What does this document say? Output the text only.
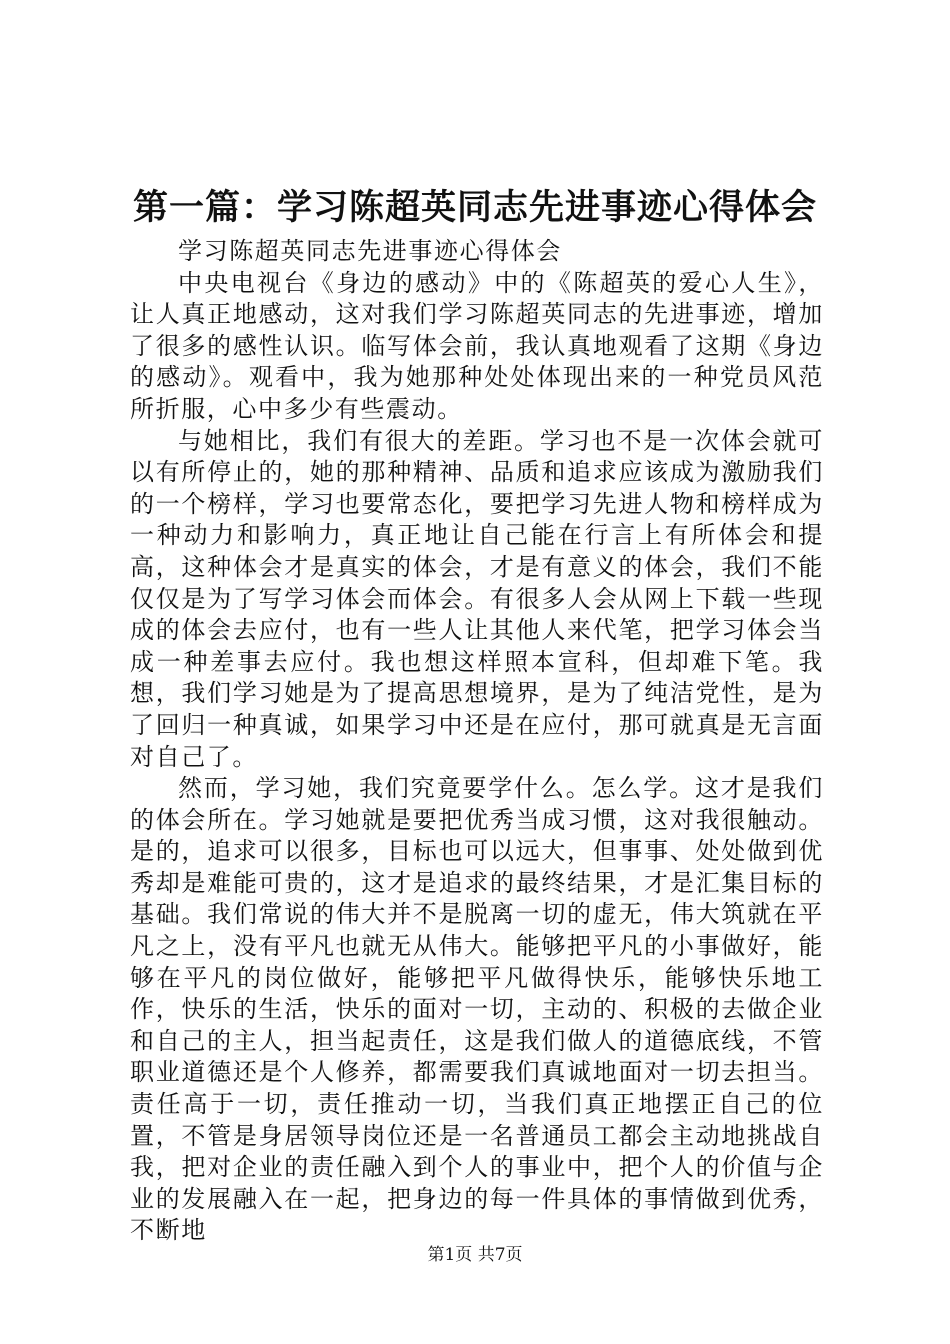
第一篇：学习陈超英同志先进事迹心得体会

学习陈超英同志先进事迹心得体会

中央电视台《身边的感动》中的《陈超英的爱心人生》，让人真正地感动，这对我们学习陈超英同志的先进事迹，增加了很多的感性认识。临写体会前，我认真地观看了这期《身边的感动》。观看中，我为她那种处处体现出来的一种党员风范所折服，心中多少有些震动。

与她相比，我们有很大的差距。学习也不是一次体会就可以有所停止的，她的那种精神、品质和追求应该成为激励我们的一个榜样，学习也要常态化，要把学习先进人物和榜样成为一种动力和影响力，真正地让自己能在行言上有所体会和提高，这种体会才是真实的体会，才是有意义的体会，我们不能仅仅是为了写学习体会而体会。有很多人会从网上下载一些现成的体会去应付，也有一些人让其他人来代笔，把学习体会当成一种差事去应付。我也想这样照本宣科，但却难下笔。我想，我们学习她是为了提高思想境界，是为了纯洁党性，是为了回归一种真诚，如果学习中还是在应付，那可就真是无言面对自己了。

然而，学习她，我们究竟要学什么。怎么学。这才是我们的体会所在。学习她就是要把优秀当成习惯，这对我很触动。是的，追求可以很多，目标也可以远大，但事事、处处做到优秀却是难能可贵的，这才是追求的最终结果，才是汇集目标的基础。我们常说的伟大并不是脱离一切的虚无，伟大筑就在平凡之上，没有平凡也就无从伟大。能够把平凡的小事做好，能够在平凡的岗位做好，能够把平凡做得快乐，能够快乐地工作，快乐的生活，快乐的面对一切，主动的、积极的去做企业和自己的主人，担当起责任，这是我们做人的道德底线，不管职业道德还是个人修养，都需要我们真诚地面对一切去担当。责任高于一切，责任推动一切，当我们真正地摆正自己的位置，不管是身居领导岗位还是一名普通员工都会主动地挑战自我，把对企业的责任融入到个人的事业中，把个人的价值与企业的发展融入在一起，把身边的每一件具体的事情做到优秀，不断地

第1页 共7页
